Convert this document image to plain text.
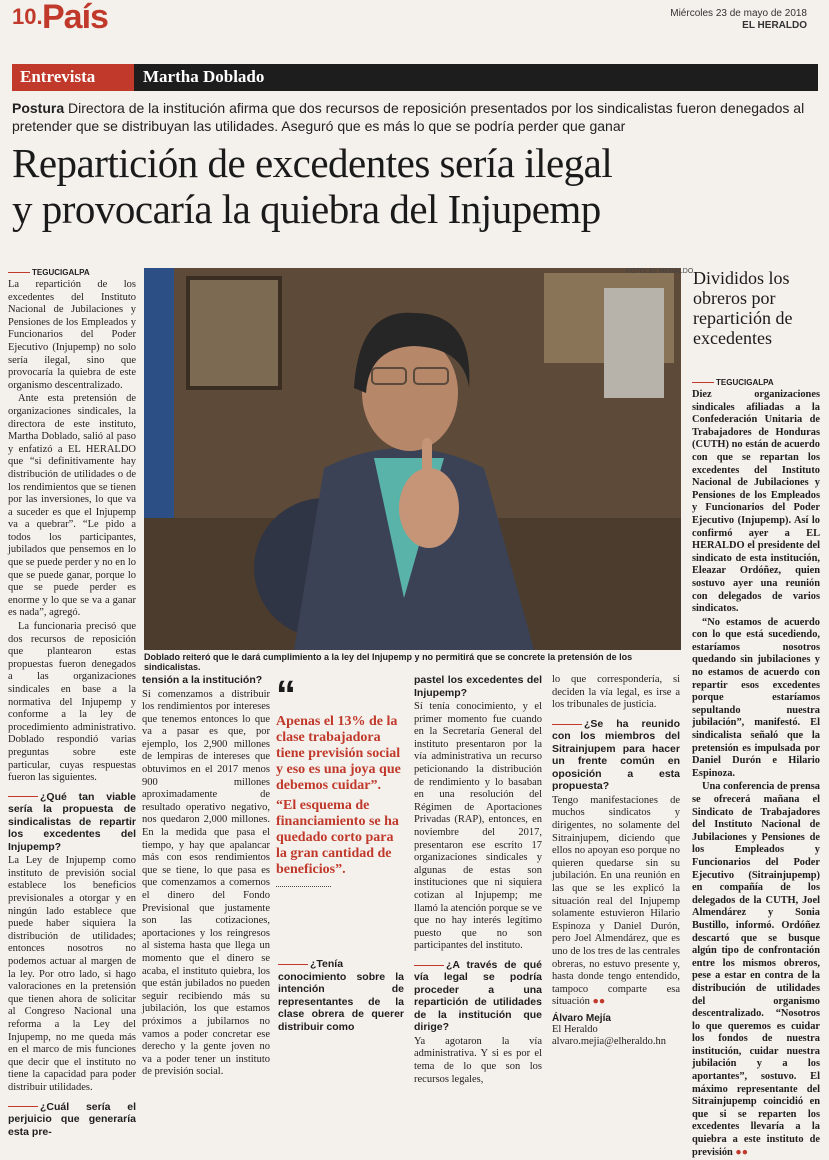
10. País	Miércoles 23 de mayo de 2018
EL HERALDO
Entrevista	Martha Doblado
Postura Directora de la institución afirma que dos recursos de reposición presentados por los sindicalistas fueron denegados al pretender que se distribuyan las utilidades. Aseguró que es más lo que se podría perder que ganar
Repartición de excedentes sería ilegal
y provocaría la quiebra del Injupemp
TEGUCIGALPA

La repartición de los excedentes del Instituto Nacional de Jubilaciones y Pensiones de los Empleados y Funcionarios del Poder Ejecutivo (Injupemp) no solo sería ilegal, sino que provocaría la quiebra de este organismo descentralizado.

Ante esta pretensión de organizaciones sindicales, la directora de este instituto, Martha Doblado, salió al paso y enfatizó a EL HERALDO que “si definitivamente hay distribución de utilidades o de los rendimientos que se tienen por las inversiones, lo que va a suceder es que el Injupemp va a quebrar”. “Le pido a todos los participantes, jubilados que pensemos en lo que se puede perder y no en lo que se puede ganar, porque lo que se puede perder es enorme y lo que se va a ganar es nada”, agregó.

La funcionaria precisó que dos recursos de reposición que plantearon estas propuestas fueron denegados a las organizaciones sindicales en base a la normativa del Injupemp y conforme a la ley de procedimiento administrativo. Doblado respondió varias preguntas sobre este particular, cuyas respuestas fueron las siguientes.

¿Qué tan viable sería la propuesta de sindicalistas de repartir los excedentes del Injupemp?

La Ley de Injupemp como instituto de previsión social establece los beneficios previsionales a otorgar y en ningún lado establece que puede haber siquiera la distribución de utilidades; entonces nosotros no podemos actuar al margen de la ley. Por otro lado, si hago valoraciones en la pretensión que tienen ahora de solicitar al Congreso Nacional una reforma a la Ley del Injupemp, no me queda más en el marco de mis funciones que decir que el instituto no tiene la capacidad para poder distribuir utilidades.

¿Cuál sería el perjuicio que generaría esta pre-
FOTO: EL HERALDO
Doblado reiteró que le dará cumplimiento a la ley del Injupemp y no permitirá que se concrete la pretensión de los sindicalistas.
tensión a la institución?

Si comenzamos a distribuir los rendimientos por intereses que tenemos entonces lo que va a pasar es que, por ejemplo, los 2,900 millones de lempiras de intereses que obtuvimos en el 2017 menos 900 millones aproximadamente de resultado operativo negativo, nos quedaron 2,000 millones. En la medida que pasa el tiempo, y hay que apalancar más con esos rendimientos que se tiene, lo que pasa es que comenzamos a comernos el dinero del Fondo Previsional que justamente son las cotizaciones, aportaciones y los reingresos al sistema hasta que llega un momento que el dinero se acaba, el instituto quiebra, los que están jubilados no pueden seguir recibiendo más su jubilación, los que estamos próximos a jubilarnos no vamos a poder concretar ese derecho y la gente joven no va a poder tener un instituto de previsión social.

“
Apenas el 13% de la clase trabajadora tiene previsión social y eso es una joya que debemos cuidar”.
“El esquema de financiamiento se ha quedado corto para la gran cantidad de beneficios”.
¿Tenía conocimiento sobre la intención de representantes de la clase obrera de querer distribuir como
pastel los excedentes del Injupemp?

Sí tenía conocimiento, y el primer momento fue cuando en la Secretaría General del instituto presentaron por la vía administrativa un recurso peticionando la distribución de rendimiento y lo basaban en una resolución del Régimen de Aportaciones Privadas (RAP), entonces, en noviembre del 2017, presentaron ese escrito 17 organizaciones sindicales y algunas de estas son instituciones que ni siquiera cotizan al Injupemp; me llamó la atención porque se ve que no hay interés legítimo puesto que no son participantes del instituto.

¿A través de qué vía legal se podría proceder a una repartición de utilidades de la institución que dirige?

Ya agotaron la vía administrativa. Y si es por el tema de lo que son los recursos legales,

lo que correspondería, si deciden la vía legal, es irse a los tribunales de justicia.

¿Se ha reunido con los miembros del Sitrainjupem para hacer un frente común en oposición a esta propuesta?

Tengo manifestaciones de muchos sindicatos y dirigentes, no solamente del Sitrainjupem, diciendo que ellos no apoyan eso porque no quieren quedarse sin su jubilación. En una reunión en las que se les explicó la situación real del Injupemp solamente estuvieron Hilario Espinoza y Daniel Durón, pero Joel Almendárez, que es uno de los tres de las centrales obreras, no estuvo presente y, hasta donde tengo entendido, tampoco comparte esa situación ●●

Álvaro Mejía
El Heraldo
alvaro.mejia@elheraldo.hn
Divididos los obreros por repartición de excedentes
TEGUCIGALPA

Diez organizaciones sindicales afiliadas a la Confederación Unitaria de Trabajadores de Honduras (CUTH) no están de acuerdo con que se repartan los excedentes del Instituto Nacional de Jubilaciones y Pensiones de los Empleados y Funcionarios del Poder Ejecutivo (Injupemp). Así lo confirmó ayer a EL HERALDO el presidente del sindicato de esta institución, Eleazar Ordóñez, quien sostuvo ayer una reunión con delegados de varios sindicatos.

“No estamos de acuerdo con lo que está sucediendo, estaríamos nosotros quedando sin jubilaciones y no estamos de acuerdo con repartir esos excedentes porque estaríamos sepultando nuestra jubilación”, manifestó. El sindicalista señaló que la pretensión es impulsada por Daniel Durón e Hilario Espinoza.

Una conferencia de prensa se ofrecerá mañana el Sindicato de Trabajadores del Instituto Nacional de Jubilaciones y Pensiones de los Empleados y Funcionarios del Poder Ejecutivo (Sitrainjupemp) en compañía de los delegados de la CUTH, Joel Almendárez y Sonia Bustillo, informó. Ordóñez descartó que se busque algún tipo de confrontación entre los mismos obreros, pese a estar en contra de la distribución de utilidades del organismo descentralizado. “Nosotros lo que queremos es cuidar los fondos de nuestra institución, cuidar nuestra jubilación y a los aportantes”, sostuvo. El máximo representante del Sitrainjupemp coincidió en que si se reparten los excedentes llevaría a la quiebra a este instituto de previsión ●●
